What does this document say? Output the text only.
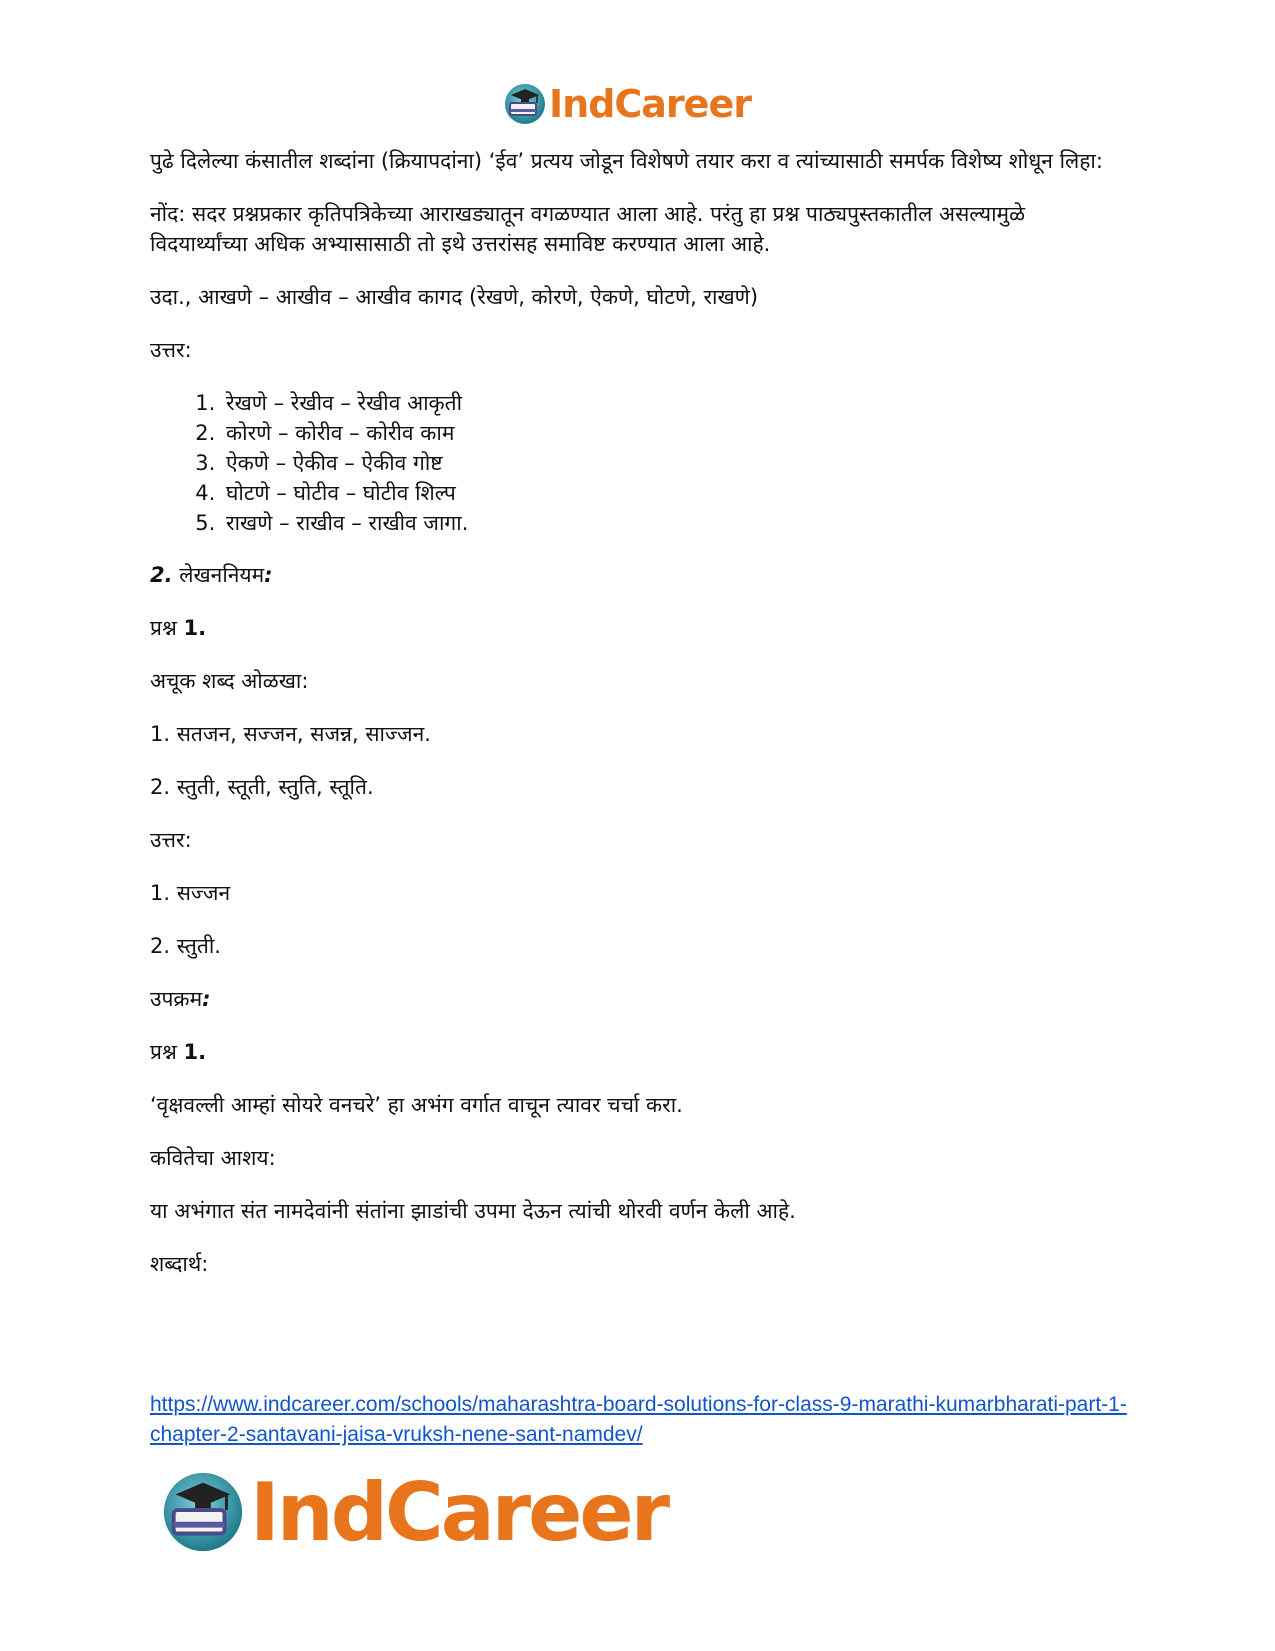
IndCareer

पुढे दिलेल्या कंसातील शब्दांना (क्रियापदांना) ‘ईव’ प्रत्यय जोडून विशेषणे तयार करा व त्यांच्यासाठी समर्पक विशेष्य शोधून लिहा:

नोंद: सदर प्रश्नप्रकार कृतिपत्रिकेच्या आराखड्यातून वगळण्यात आला आहे. परंतु हा प्रश्न पाठ्यपुस्तकातील असल्यामुळे विदयार्थ्यांच्या अधिक अभ्यासासाठी तो इथे उत्तरांसह समाविष्ट करण्यात आला आहे.

उदा., आखणे – आखीव – आखीव कागद (रेखणे, कोरणे, ऐकणे, घोटणे, राखणे)

उत्तर:

1. रेखणे – रेखीव – रेखीव आकृती
2. कोरणे – कोरीव – कोरीव काम
3. ऐकणे – ऐकीव – ऐकीव गोष्ट
4. घोटणे – घोटीव – घोटीव शिल्प
5. राखणे – राखीव – राखीव जागा.

2. लेखननियम:

प्रश्न 1.

अचूक शब्द ओळखा:

1. सतजन, सज्जन, सजन्न, साज्जन.

2. स्तुती, स्तूती, स्तुति, स्तूति.

उत्तर:

1. सज्जन

2. स्तुती.

उपक्रम:

प्रश्न 1.

‘वृक्षवल्ली आम्हां सोयरे वनचरे’ हा अभंग वर्गात वाचून त्यावर चर्चा करा.

कवितेचा आशय:

या अभंगात संत नामदेवांनी संतांना झाडांची उपमा देऊन त्यांची थोरवी वर्णन केली आहे.

शब्दार्थ:

https://www.indcareer.com/schools/maharashtra-board-solutions-for-class-9-marathi-kumarbharati-part-1-chapter-2-santavani-jaisa-vruksh-nene-sant-namdev/
IndCareer
